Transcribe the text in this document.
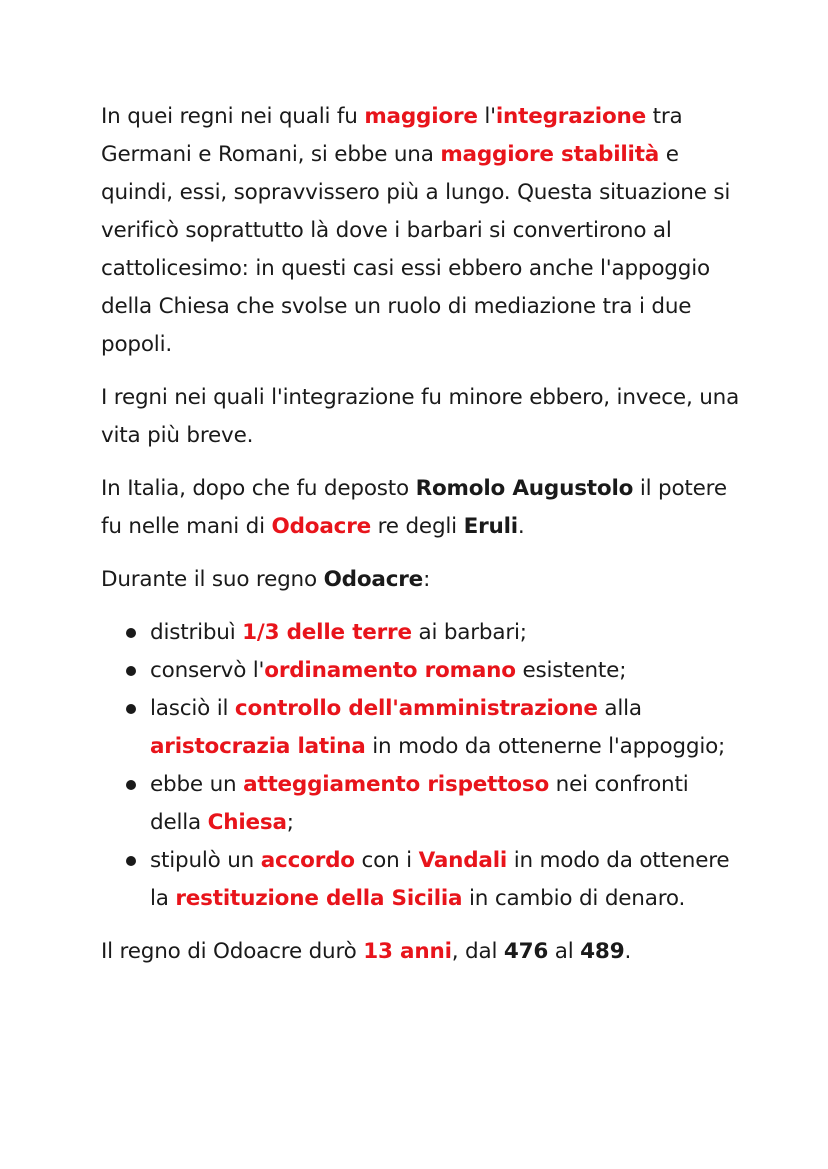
In quei regni nei quali fu maggiore l'integrazione tra Germani e Romani, si ebbe una maggiore stabilità e quindi, essi, sopravvissero più a lungo. Questa situazione si verificò soprattutto là dove i barbari si convertirono al cattolicesimo: in questi casi essi ebbero anche l'appoggio della Chiesa che svolse un ruolo di mediazione tra i due popoli.

I regni nei quali l'integrazione fu minore ebbero, invece, una vita più breve.

In Italia, dopo che fu deposto Romolo Augustolo il potere fu nelle mani di Odoacre re degli Eruli.

Durante il suo regno Odoacre:

distribuì 1/3 delle terre ai barbari;
conservò l'ordinamento romano esistente;
lasciò il controllo dell'amministrazione alla aristocrazia latina in modo da ottenerne l'appoggio;
ebbe un atteggiamento rispettoso nei confronti della Chiesa;
stipulò un accordo con i Vandali in modo da ottenere la restituzione della Sicilia in cambio di denaro.

Il regno di Odoacre durò 13 anni, dal 476 al 489.
